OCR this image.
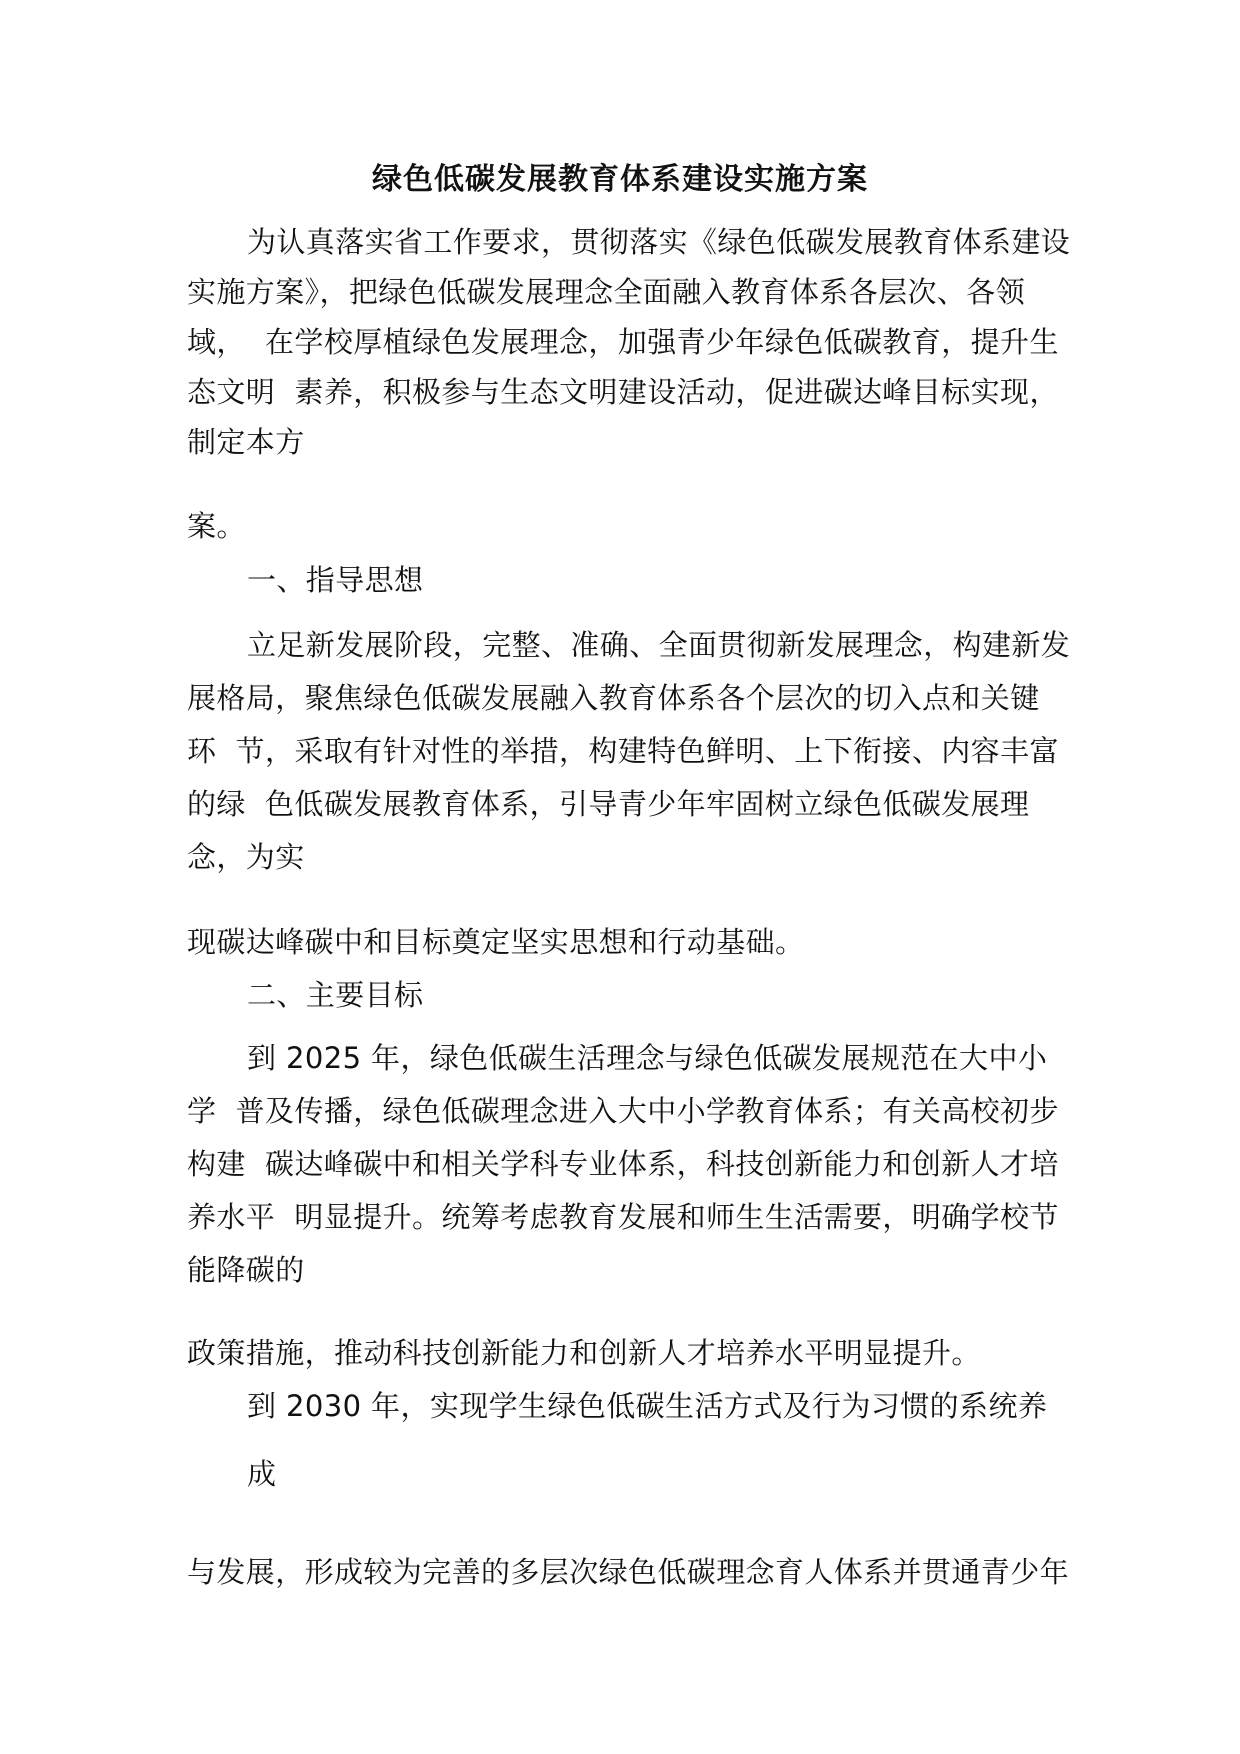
绿色低碳发展教育体系建设实施方案
为认真落实省工作要求，贯彻落实《绿色低碳发展教育体系建设
实施方案》，把绿色低碳发展理念全面融入教育体系各层次、各领
域，  在学校厚植绿色发展理念，加强青少年绿色低碳教育，提升生
态文明  素养，积极参与生态文明建设活动，促进碳达峰目标实现，
制定本方
案。
一、指导思想
立足新发展阶段，完整、准确、全面贯彻新发展理念，构建新发
展格局，聚焦绿色低碳发展融入教育体系各个层次的切入点和关键
环  节，采取有针对性的举措，构建特色鲜明、上下衔接、内容丰富
的绿  色低碳发展教育体系，引导青少年牢固树立绿色低碳发展理
念，为实
现碳达峰碳中和目标奠定坚实思想和行动基础。
二、主要目标
到 2025 年，绿色低碳生活理念与绿色低碳发展规范在大中小
学  普及传播，绿色低碳理念进入大中小学教育体系；有关高校初步
构建  碳达峰碳中和相关学科专业体系，科技创新能力和创新人才培
养水平  明显提升。统筹考虑教育发展和师生生活需要，明确学校节
能降碳的
政策措施，推动科技创新能力和创新人才培养水平明显提升。
到 2030 年，实现学生绿色低碳生活方式及行为习惯的系统养
成
与发展，形成较为完善的多层次绿色低碳理念育人体系并贯通青少年
